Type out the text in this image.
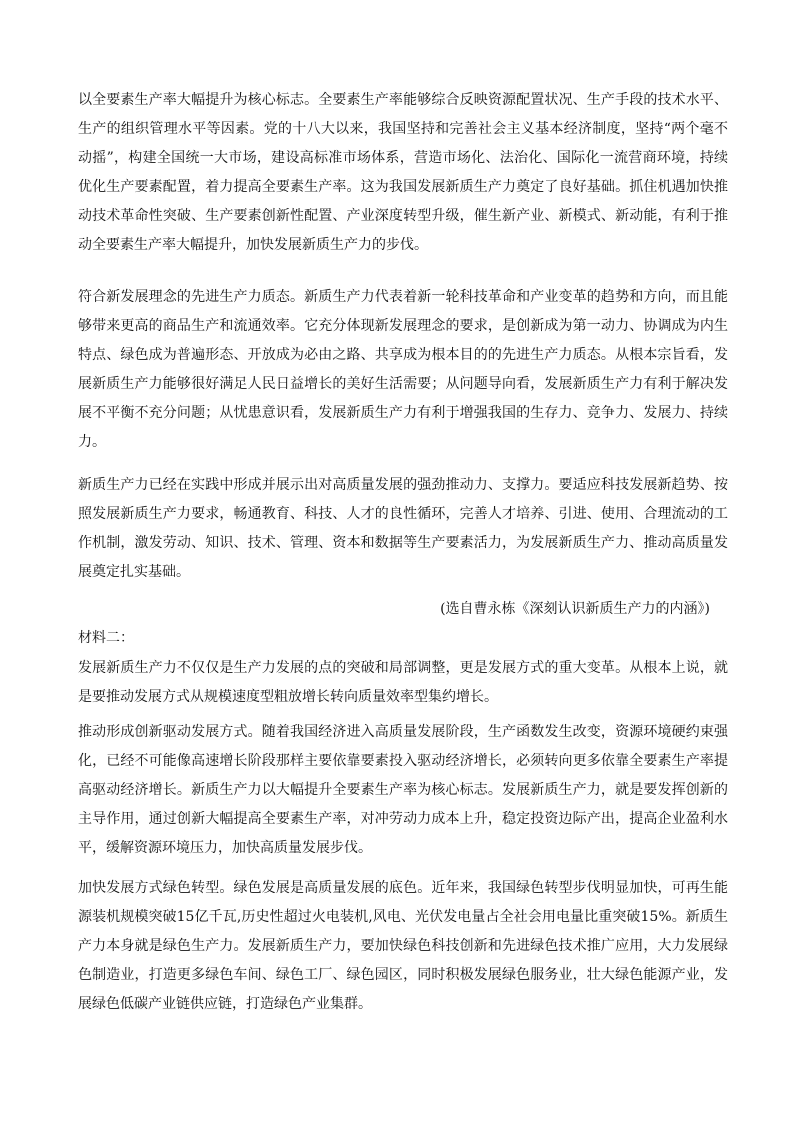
以全要素生产率大幅提升为核心标志。全要素生产率能够综合反映资源配置状况、生产手段的技术水平、生产的组织管理水平等因素。党的十八大以来，我国坚持和完善社会主义基本经济制度，坚持“两个毫不动摇”，构建全国统一大市场，建设高标准市场体系，营造市场化、法治化、国际化一流营商环境，持续优化生产要素配置，着力提高全要素生产率。这为我国发展新质生产力奠定了良好基础。抓住机遇加快推动技术革命性突破、生产要素创新性配置、产业深度转型升级，催生新产业、新模式、新动能，有利于推动全要素生产率大幅提升，加快发展新质生产力的步伐。

符合新发展理念的先进生产力质态。新质生产力代表着新一轮科技革命和产业变革的趋势和方向，而且能够带来更高的商品生产和流通效率。它充分体现新发展理念的要求，是创新成为第一动力、协调成为内生特点、绿色成为普遍形态、开放成为必由之路、共享成为根本目的的先进生产力质态。从根本宗旨看，发展新质生产力能够很好满足人民日益增长的美好生活需要；从问题导向看，发展新质生产力有利于解决发展不平衡不充分问题；从忧患意识看，发展新质生产力有利于增强我国的生存力、竞争力、发展力、持续力。

新质生产力已经在实践中形成并展示出对高质量发展的强劲推动力、支撑力。要适应科技发展新趋势、按照发展新质生产力要求，畅通教育、科技、人才的良性循环，完善人才培养、引进、使用、合理流动的工作机制，激发劳动、知识、技术、管理、资本和数据等生产要素活力，为发展新质生产力、推动高质量发展奠定扎实基础。

(选自曹永栋《深刻认识新质生产力的内涵》)

材料二：

发展新质生产力不仅仅是生产力发展的点的突破和局部调整，更是发展方式的重大变革。从根本上说，就是要推动发展方式从规模速度型粗放增长转向质量效率型集约增长。

推动形成创新驱动发展方式。随着我国经济进入高质量发展阶段，生产函数发生改变，资源环境硬约束强化，已经不可能像高速增长阶段那样主要依靠要素投入驱动经济增长，必须转向更多依靠全要素生产率提高驱动经济增长。新质生产力以大幅提升全要素生产率为核心标志。发展新质生产力，就是要发挥创新的主导作用，通过创新大幅提高全要素生产率，对冲劳动力成本上升，稳定投资边际产出，提高企业盈利水平，缓解资源环境压力，加快高质量发展步伐。

加快发展方式绿色转型。绿色发展是高质量发展的底色。近年来，我国绿色转型步伐明显加快，可再生能源装机规模突破15亿千瓦,历史性超过火电装机,风电、光伏发电量占全社会用电量比重突破15%。新质生产力本身就是绿色生产力。发展新质生产力，要加快绿色科技创新和先进绿色技术推广应用，大力发展绿色制造业，打造更多绿色车间、绿色工厂、绿色园区，同时积极发展绿色服务业，壮大绿色能源产业，发展绿色低碳产业链供应链，打造绿色产业集群。
